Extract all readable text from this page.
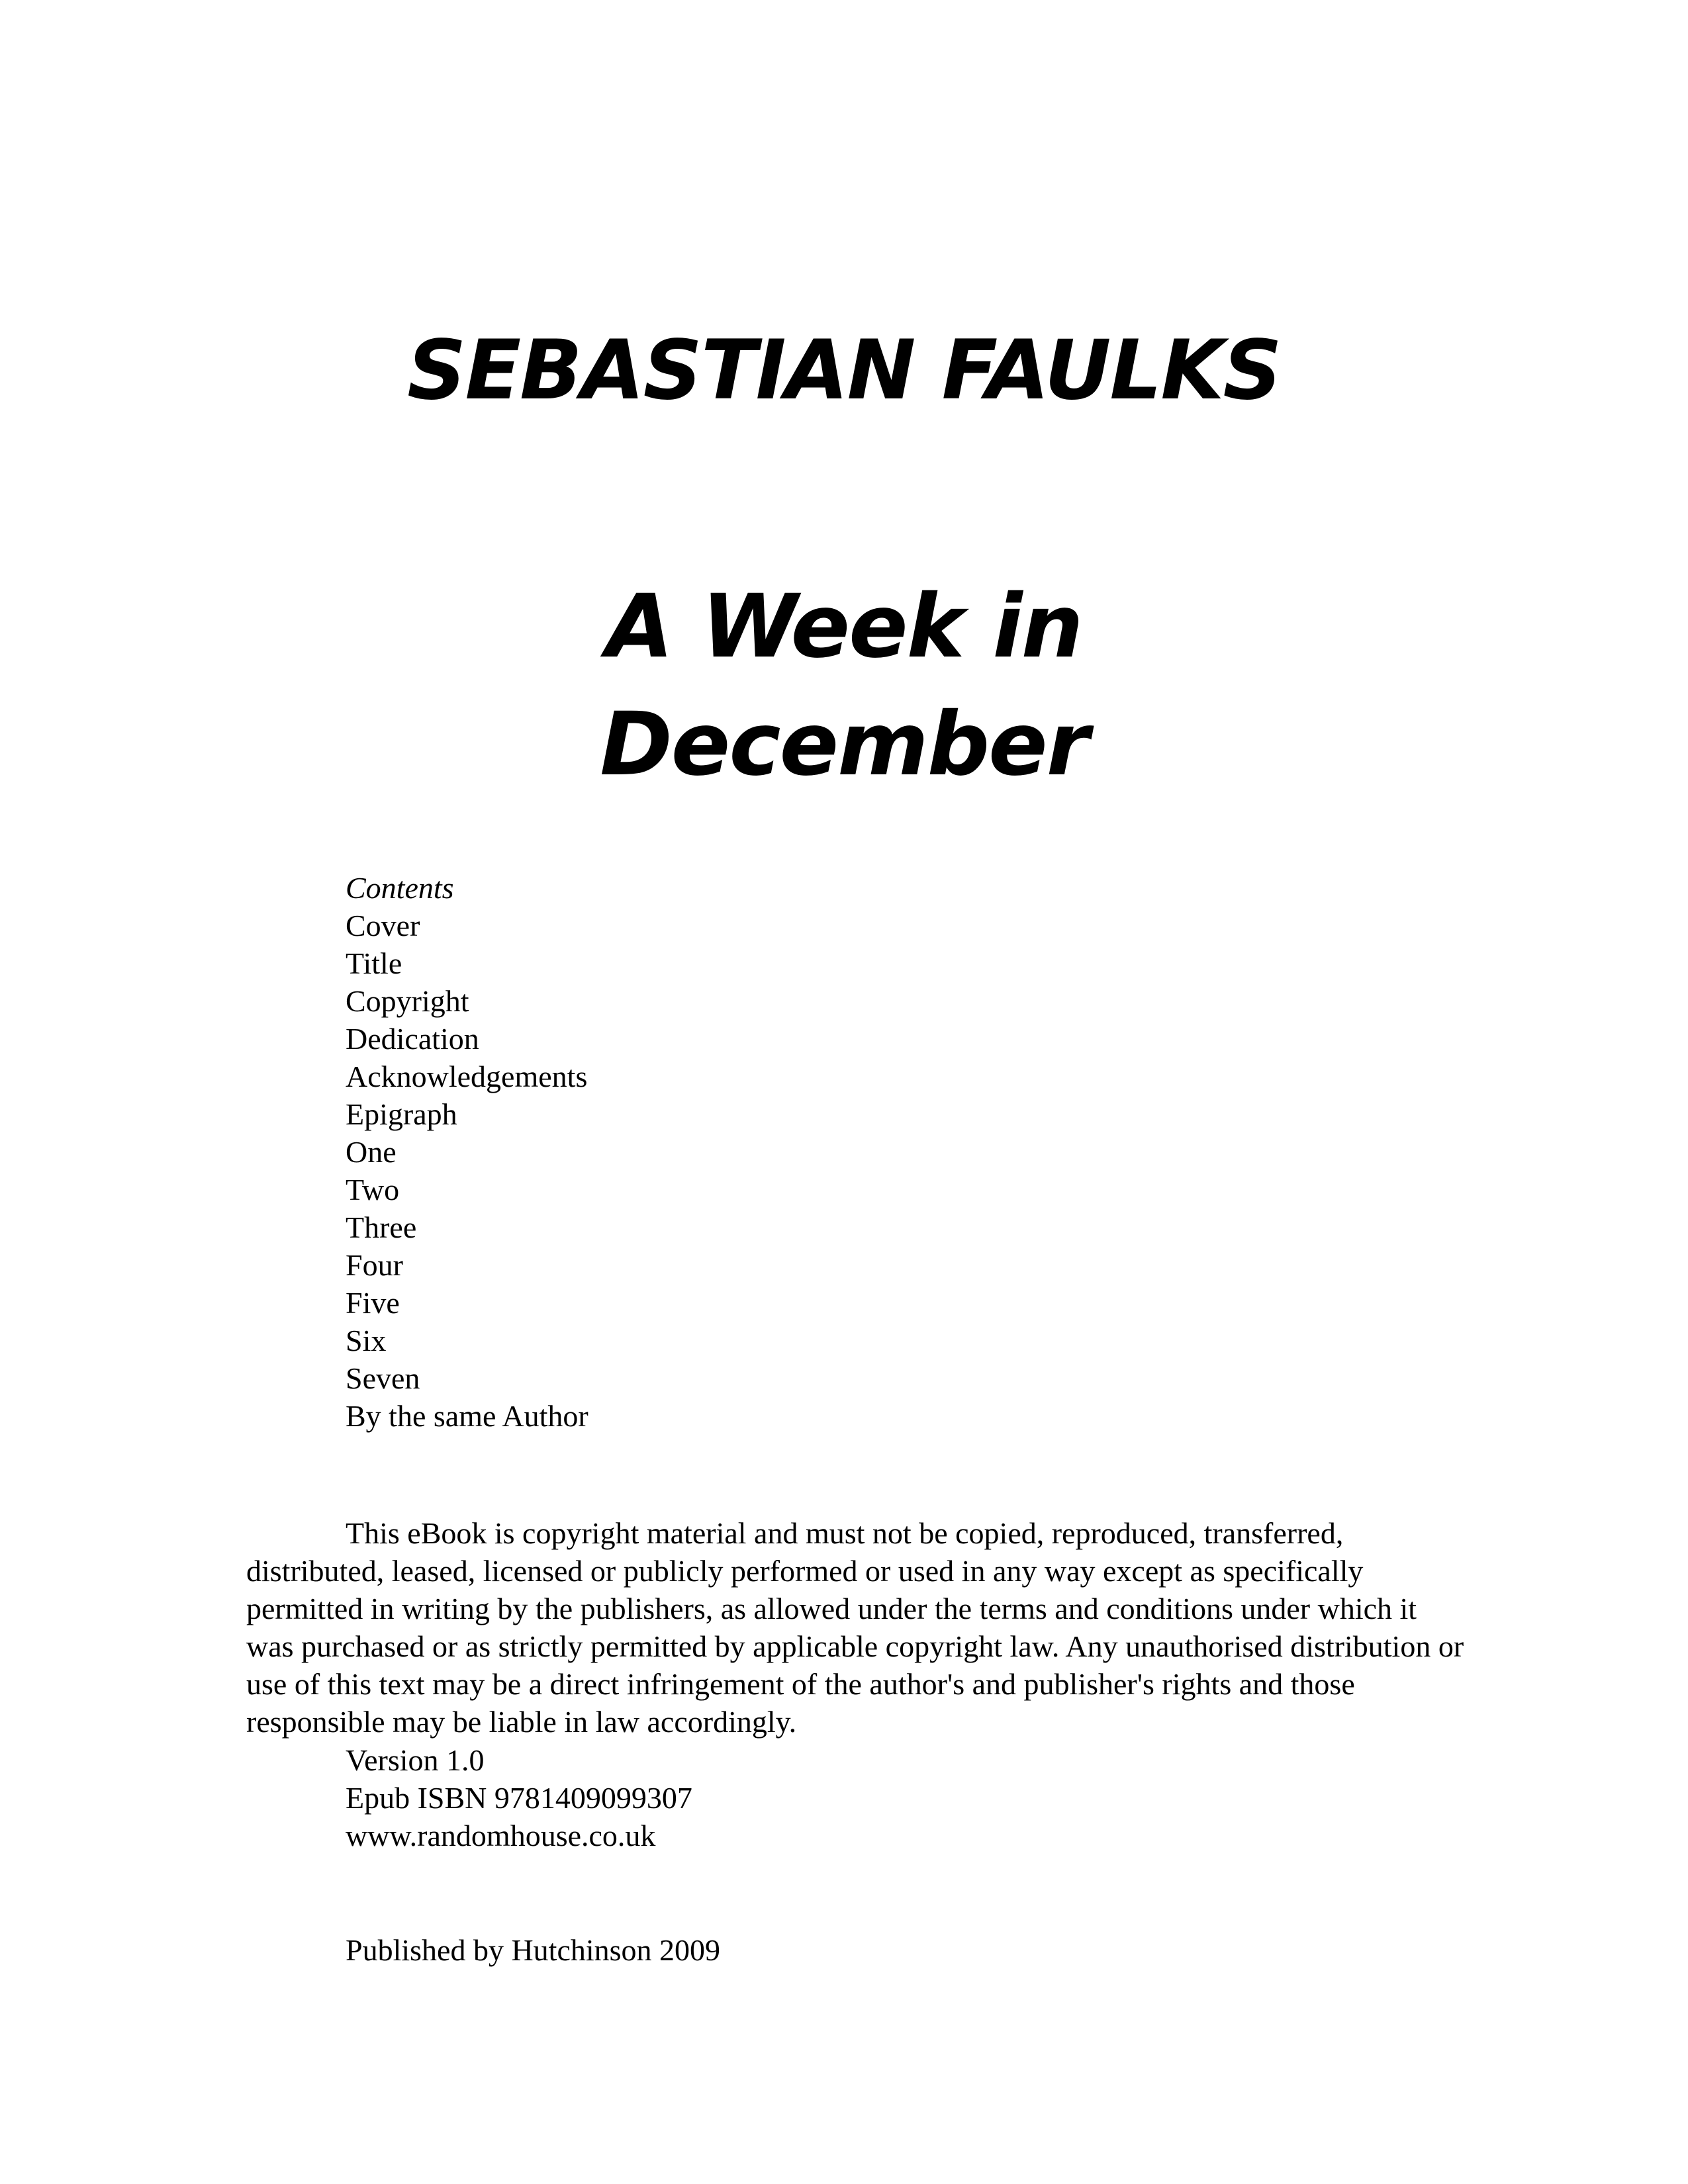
SEBASTIAN FAULKS
A Week in
December
Contents
Cover
Title
Copyright
Dedication
Acknowledgements
Epigraph
One
Two
Three
Four
Five
Six
Seven
By the same Author

This eBook is copyright material and must not be copied, reproduced, transferred, distributed, leased, licensed or publicly performed or used in any way except as specifically permitted in writing by the publishers, as allowed under the terms and conditions under which it was purchased or as strictly permitted by applicable copyright law. Any unauthorised distribution or use of this text may be a direct infringement of the author's and publisher's rights and those responsible may be liable in law accordingly.

Version 1.0
Epub ISBN 9781409099307
www.randomhouse.co.uk
Published by Hutchinson 2009
